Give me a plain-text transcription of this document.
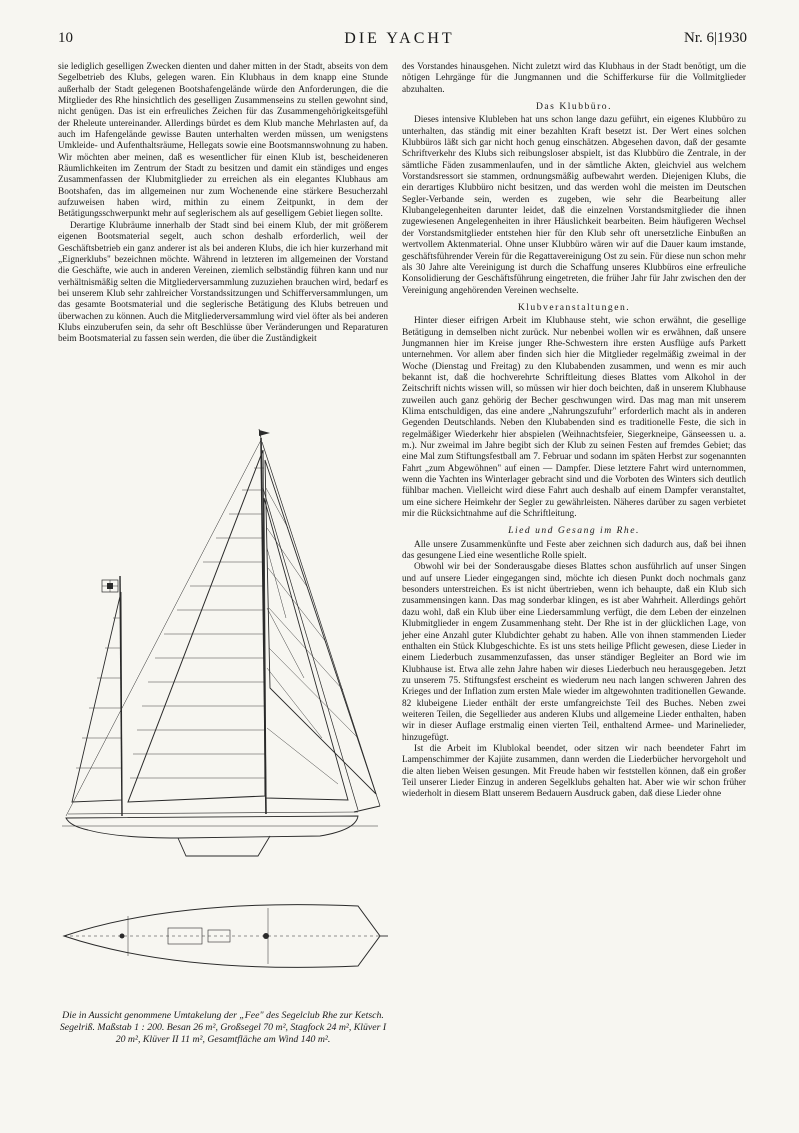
10	DIE YACHT	Nr. 6|1930

sie lediglich geselligen Zwecken dienten und daher mitten in der Stadt, abseits von dem Segelbetrieb des Klubs, gelegen waren. Ein Klubhaus in dem knapp eine Stunde außerhalb der Stadt gelegenen Bootshafengelände würde den Anforderungen, die die Mitglieder des Rhe hinsichtlich des geselligen Zusammenseins zu stellen gewohnt sind, nicht genügen. Das ist ein erfreuliches Zeichen für das Zusammengehörigkeitsgefühl der Rheleute untereinander. Allerdings bürdet es dem Klub manche Mehrlasten auf, da auch im Hafengelände gewisse Bauten unterhalten werden müssen, um wenigstens Umkleide- und Aufenthaltsräume, Hellegats sowie eine Bootsmannswohnung zu haben. Wir möchten aber meinen, daß es wesentlicher für einen Klub ist, bescheideneren Räumlichkeiten im Zentrum der Stadt zu besitzen und damit ein ständiges und enges Zusammenfassen der Klubmitglieder zu erreichen als ein elegantes Klubhaus am Bootshafen, das im allgemeinen nur zum Wochenende eine stärkere Besucherzahl aufzuweisen haben wird, mithin zu einem Zeitpunkt, in dem der Betätigungsschwerpunkt mehr auf seglerischem als auf geselligem Gebiet liegen sollte.

Derartige Klubräume innerhalb der Stadt sind bei einem Klub, der mit größerem eigenen Bootsmaterial segelt, auch schon deshalb erforderlich, weil der Geschäftsbetrieb ein ganz anderer ist als bei anderen Klubs, die ich hier kurzerhand mit „Eignerklubs" bezeichnen möchte. Während in letzteren im allgemeinen der Vorstand die Geschäfte, wie auch in anderen Vereinen, ziemlich selbständig führen kann und nur verhältnismäßig selten die Mitgliederversammlung zuzuziehen brauchen wird, bedarf es bei unserem Klub sehr zahlreicher Vorstandssitzungen und Schifferversammlungen, um das gesamte Bootsmaterial und die seglerische Betätigung des Klubs betreuen und überwachen zu können. Auch die Mitgliederversammlung wird viel öfter als bei anderen Klubs einzuberufen sein, da sehr oft Beschlüsse über Veränderungen und Reparaturen beim Bootsmaterial zu fassen sein werden, die über die Zuständigkeit

Die in Aussicht genommene Umtakelung der „Fee" des Segelclub Rhe zur Ketsch. Segelriß. Maßstab 1 : 200. Besan 26 m², Großsegel 70 m², Stagfock 24 m², Klüver I 20 m², Klüver II 11 m², Gesamtfläche am Wind 140 m².

des Vorstandes hinausgehen. Nicht zuletzt wird das Klubhaus in der Stadt benötigt, um die nötigen Lehrgänge für die Jungmannen und die Schifferkurse für die Vollmitglieder abzuhalten.

Das Klubbüro.

Dieses intensive Klubleben hat uns schon lange dazu geführt, ein eigenes Klubbüro zu unterhalten, das ständig mit einer bezahlten Kraft besetzt ist. Der Wert eines solchen Klubbüros läßt sich gar nicht hoch genug einschätzen. Abgesehen davon, daß der gesamte Schriftverkehr des Klubs sich reibungsloser abspielt, ist das Klubbüro die Zentrale, in der sämtliche Fäden zusammenlaufen, und in der sämtliche Akten, gleichviel aus welchem Vorstandsressort sie stammen, ordnungsmäßig aufbewahrt werden. Diejenigen Klubs, die ein derartiges Klubbüro nicht besitzen, und das werden wohl die meisten im Deutschen Segler-Verbande sein, werden es zugeben, wie sehr die Bearbeitung aller Klubangelegenheiten darunter leidet, daß die einzelnen Vorstandsmitglieder die ihnen zugewiesenen Angelegenheiten in ihrer Häuslichkeit bearbeiten. Beim häufigeren Wechsel der Vorstandsmitglieder entstehen hier für den Klub sehr oft unersetzliche Einbußen an wertvollem Aktenmaterial. Ohne unser Klubbüro wären wir auf die Dauer kaum imstande, geschäftsführender Verein für die Regattavereinigung Ost zu sein. Für diese nun schon mehr als 30 Jahre alte Vereinigung ist durch die Schaffung unseres Klubbüros eine erfreuliche Konsolidierung der Geschäftsführung eingetreten, die früher Jahr für Jahr zwischen den der Vereinigung angehörenden Vereinen wechselte.

Klubveranstaltungen.

Hinter dieser eifrigen Arbeit im Klubhause steht, wie schon erwähnt, die gesellige Betätigung in demselben nicht zurück. Nur nebenbei wollen wir es erwähnen, daß unsere Jungmannen hier im Kreise junger Rhe-Schwestern ihre ersten Ausflüge aufs Parkett unternehmen. Vor allem aber finden sich hier die Mitglieder regelmäßig zweimal in der Woche (Dienstag und Freitag) zu den Klubabenden zusammen, und wenn es mir auch bekannt ist, daß die hochverehrte Schriftleitung dieses Blattes vom Alkohol in der Zeitschrift nichts wissen will, so müssen wir hier doch beichten, daß in unserem Klubhause zuweilen auch ganz gehörig der Becher geschwungen wird. Das mag man mit unserem Klima entschuldigen, das eine andere „Nahrungszufuhr" erforderlich macht als in anderen Gegenden Deutschlands. Neben den Klubabenden sind es traditionelle Feste, die sich in regelmäßiger Wiederkehr hier abspielen (Weihnachtsfeier, Siegerkneipe, Gänseessen u. a. m.). Nur zweimal im Jahre begibt sich der Klub zu seinen Festen auf fremdes Gebiet; das eine Mal zum Stiftungsfestball am 7. Februar und sodann im späten Herbst zur sogenannten Fahrt „zum Abgewöhnen" auf einen — Dampfer. Diese letztere Fahrt wird unternommen, wenn die Yachten ins Winterlager gebracht sind und die Vorboten des Winters sich deutlich fühlbar machen. Vielleicht wird diese Fahrt auch deshalb auf einem Dampfer veranstaltet, um eine sichere Heimkehr der Segler zu gewährleisten. Näheres darüber zu sagen verbietet mir die Rücksichtnahme auf die Schriftleitung.

Lied und Gesang im Rhe.

Alle unsere Zusammenkünfte und Feste aber zeichnen sich dadurch aus, daß bei ihnen das gesungene Lied eine wesentliche Rolle spielt.

Obwohl wir bei der Sonderausgabe dieses Blattes schon ausführlich auf unser Singen und auf unsere Lieder eingegangen sind, möchte ich diesen Punkt doch nochmals ganz besonders unterstreichen. Es ist nicht übertrieben, wenn ich behaupte, daß ein Klub sich zusammensingen kann. Das mag sonderbar klingen, es ist aber Wahrheit. Allerdings gehört dazu wohl, daß ein Klub über eine Liedersammlung verfügt, die dem Leben der einzelnen Klubmitglieder in engem Zusammenhang steht. Der Rhe ist in der glücklichen Lage, von jeher eine Anzahl guter Klubdichter gehabt zu haben. Alle von ihnen stammenden Lieder enthalten ein Stück Klubgeschichte. Es ist uns stets heilige Pflicht gewesen, diese Lieder in einem Liederbuch zusammenzufassen, das unser ständiger Begleiter an Bord wie im Klubhause ist. Etwa alle zehn Jahre haben wir dieses Liederbuch neu herausgegeben. Jetzt zu unserem 75. Stiftungsfest erscheint es wiederum neu nach langen schweren Jahren des Krieges und der Inflation zum ersten Male wieder im altgewohnten traditionellen Gewande. 82 klubeigene Lieder enthält der erste umfangreichste Teil des Buches. Neben zwei weiteren Teilen, die Segellieder aus anderen Klubs und allgemeine Lieder enthalten, haben wir in dieser Auflage erstmalig einen vierten Teil, enthaltend Armee- und Marinelieder, hinzugefügt.

Ist die Arbeit im Klublokal beendet, oder sitzen wir nach beendeter Fahrt im Lampenschimmer der Kajüte zusammen, dann werden die Liederbücher hervorgeholt und die alten lieben Weisen gesungen. Mit Freude haben wir feststellen können, daß ein großer Teil unserer Lieder Einzug in anderen Segelklubs gehalten hat. Aber wie wir schon früher wiederholt in diesem Blatt unserem Bedauern Ausdruck gaben, daß diese Lieder ohne
